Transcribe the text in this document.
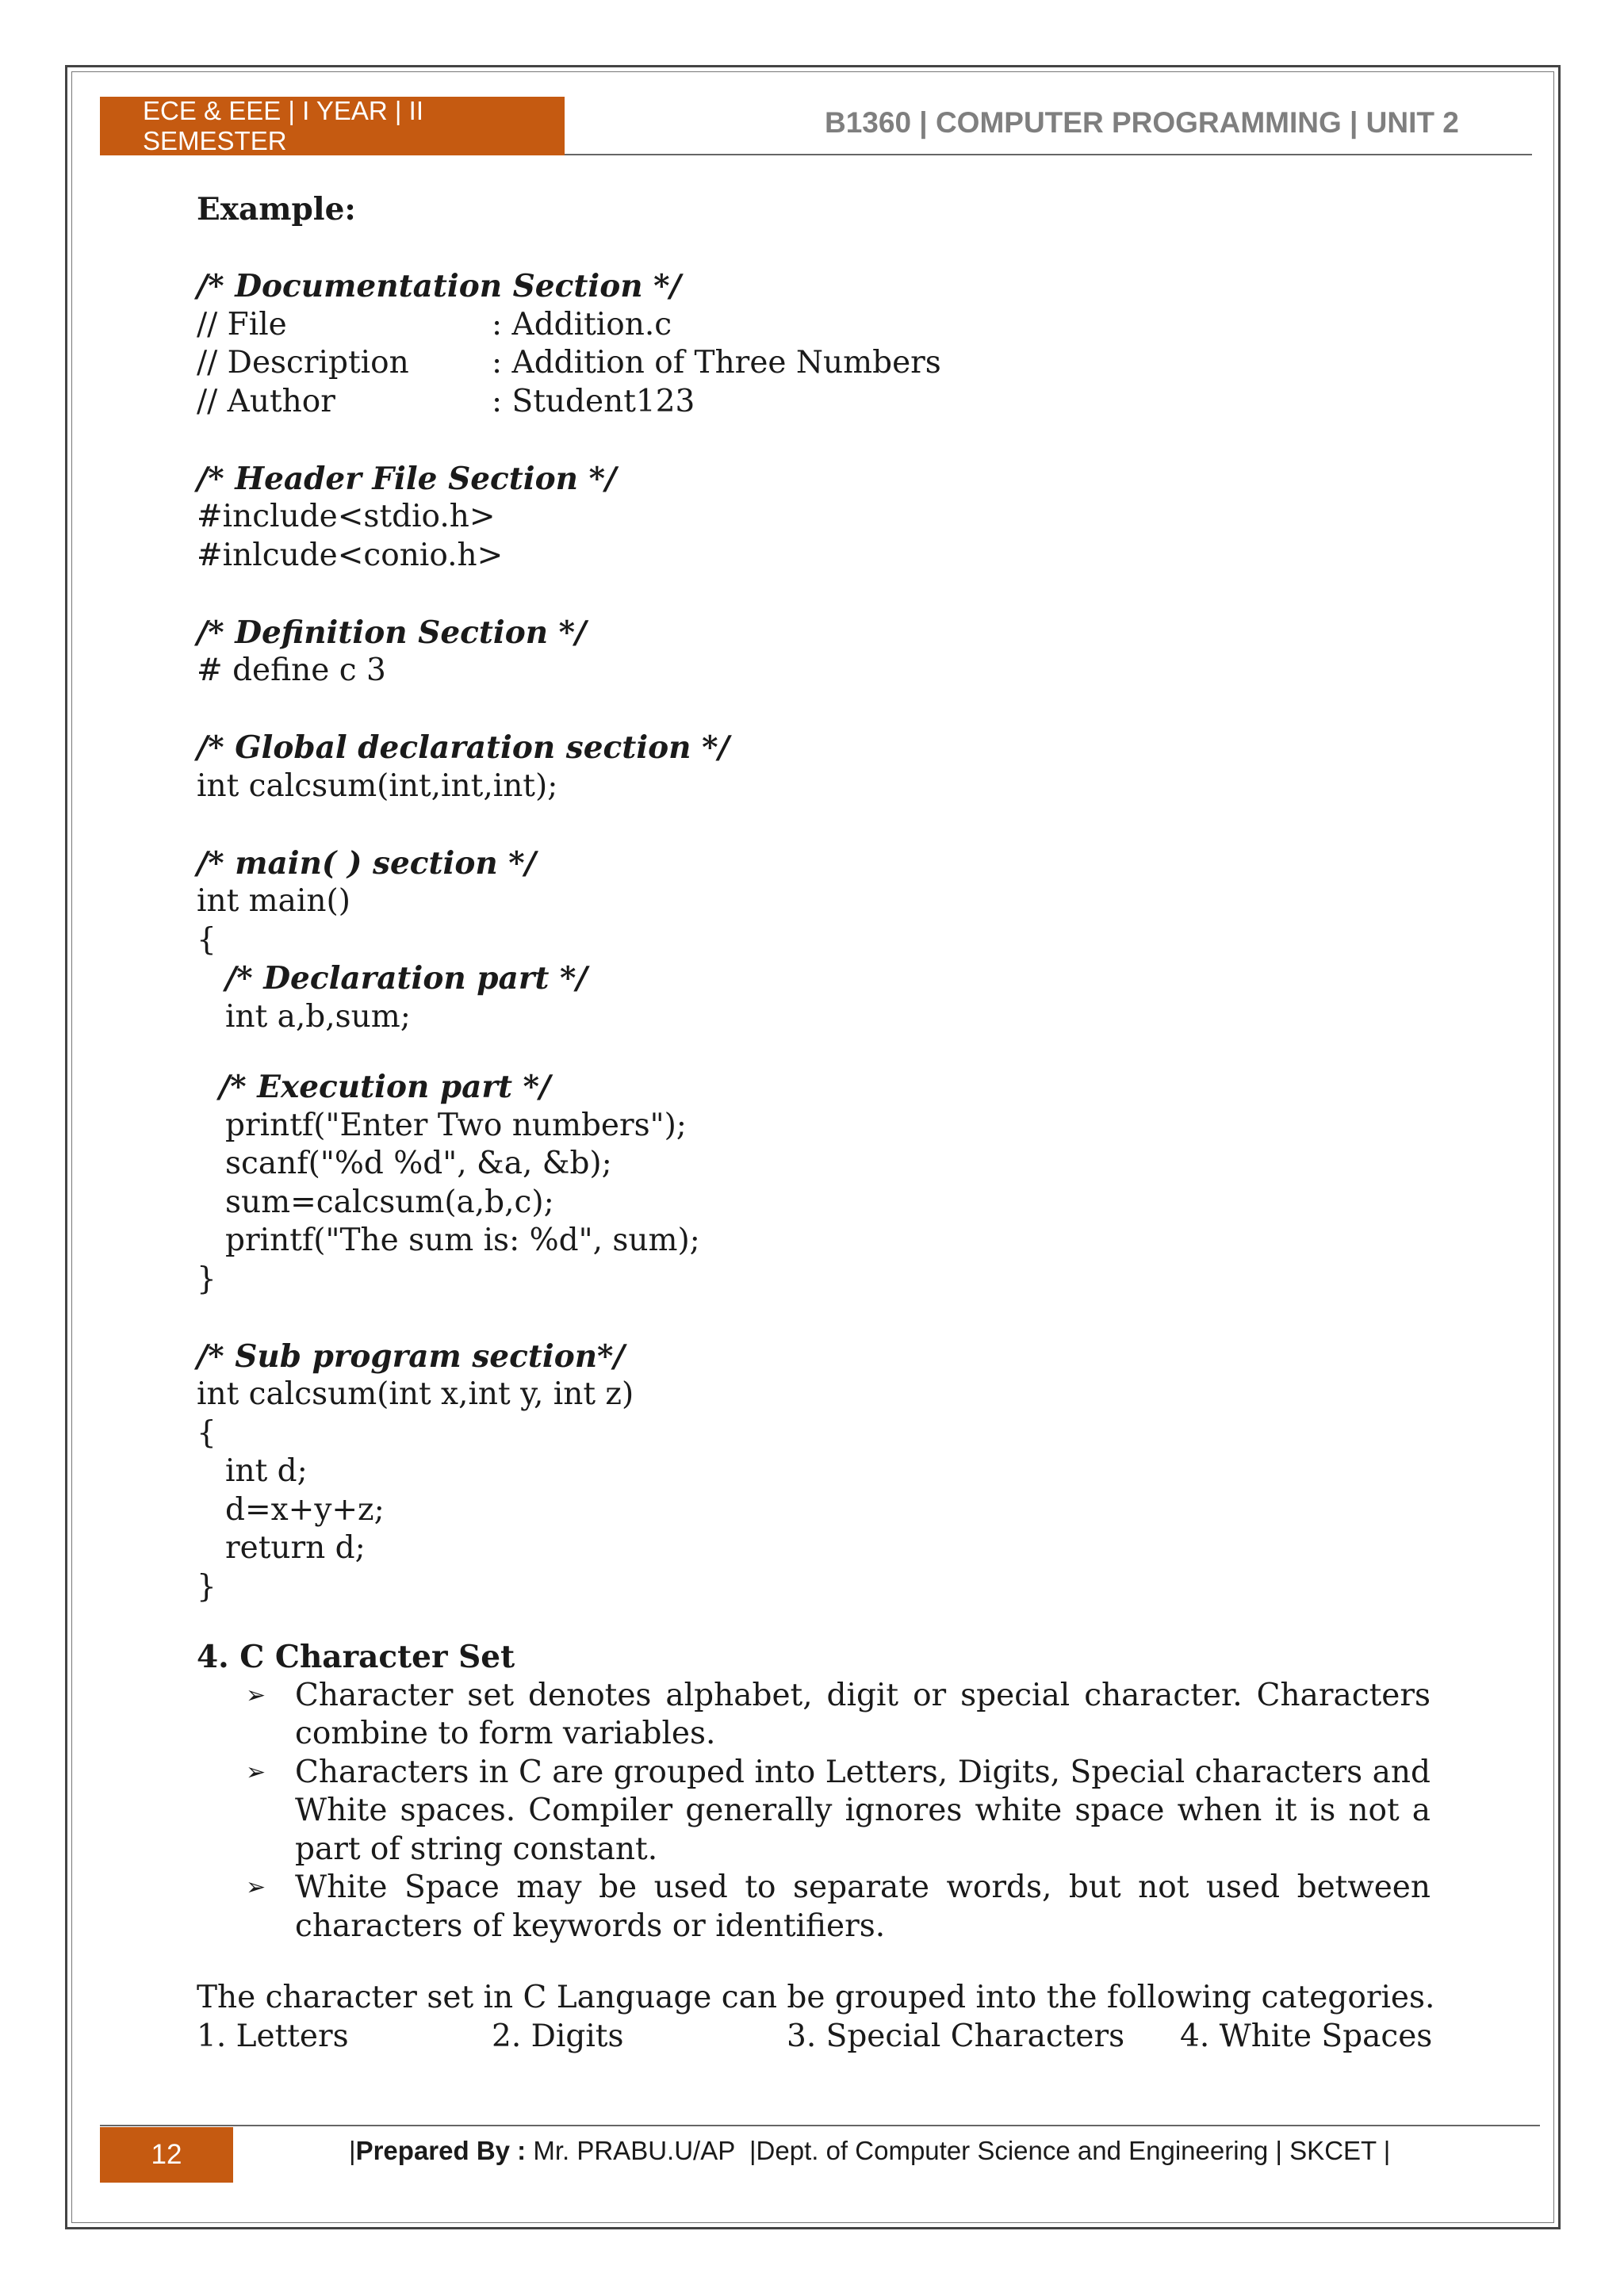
ECE & EEE | I YEAR | II SEMESTER
B1360 | COMPUTER PROGRAMMING | UNIT 2
Example:
/* Documentation Section */
// File	: Addition.c
// Description	: Addition of Three Numbers
// Author	: Student123
/* Header File Section */
#include<stdio.h>
#inlcude<conio.h>
/* Definition Section */
# define c 3
/* Global declaration section */
int calcsum(int,int,int);
/* main( ) section */
int main()
{
/* Declaration part */
int a,b,sum;
/* Execution part */
printf("Enter Two numbers");
scanf("%d %d", &a, &b);
sum=calcsum(a,b,c);
printf("The sum is: %d", sum);
}
/* Sub program section*/
int calcsum(int x,int y, int z)
{
int d;
d=x+y+z;
return d;
}
4. C Character Set
➢ Character set denotes alphabet, digit or special character. Characters combine to form variables.
➢ Characters in C are grouped into Letters, Digits, Special characters and White spaces. Compiler generally ignores white space when it is not a part of string constant.
➢ White Space may be used to separate words, but not used between characters of keywords or identifiers.
The character set in C Language can be grouped into the following categories.
1. Letters	2. Digits	3. Special Characters	4. White Spaces
12	|Prepared By : Mr. PRABU.U/AP  |Dept. of Computer Science and Engineering | SKCET |
